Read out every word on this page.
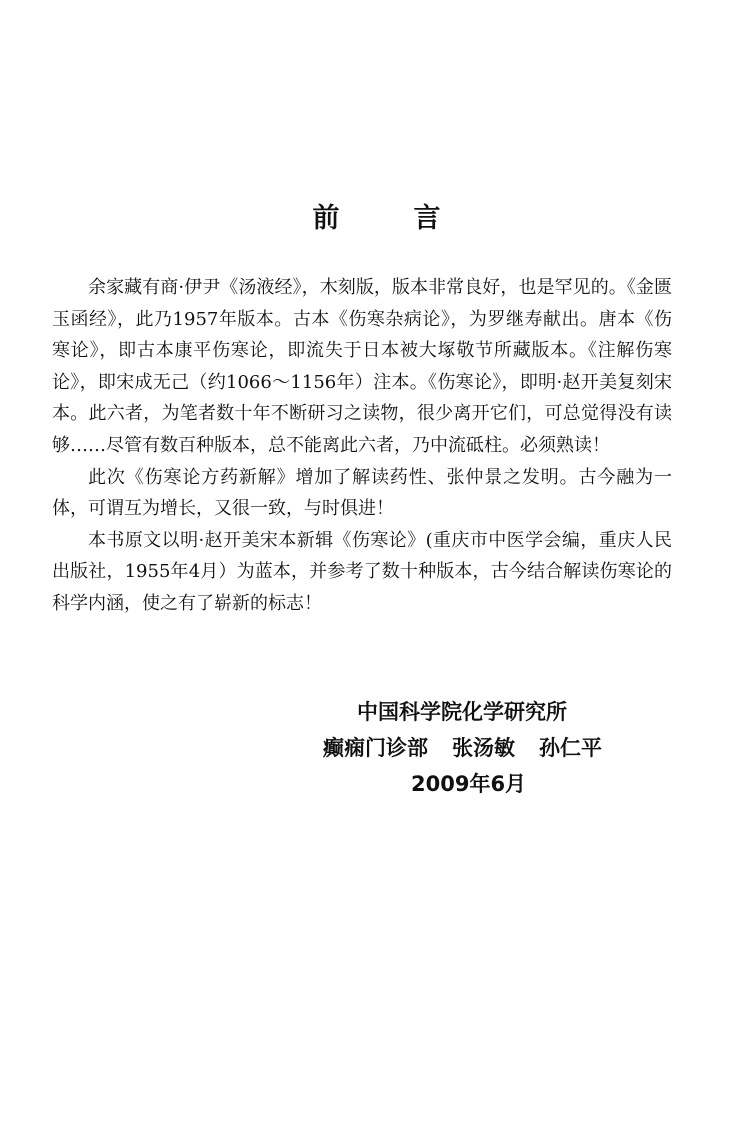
前	言

余家藏有商·伊尹《汤液经》，木刻版，版本非常良好，也是罕见的。《金匮玉函经》，此乃1957年版本。古本《伤寒杂病论》，为罗继寿献出。唐本《伤寒论》，即古本康平伤寒论，即流失于日本被大塚敬节所藏版本。《注解伤寒论》，即宋成无己（约1066～1156年）注本。《伤寒论》，即明·赵开美复刻宋本。此六者，为笔者数十年不断研习之读物，很少离开它们，可总觉得没有读够……尽管有数百种版本，总不能离此六者，乃中流砥柱。必须熟读！

此次《伤寒论方药新解》增加了解读药性、张仲景之发明。古今融为一体，可谓互为增长，又很一致，与时俱进！

本书原文以明·赵开美宋本新辑《伤寒论》(重庆市中医学会编，重庆人民出版社，1955年4月）为蓝本，并参考了数十种版本，古今结合解读伤寒论的科学内涵，使之有了崭新的标志！

中国科学院化学研究所
癫痫门诊部 张汤敏 孙仁平
2009年6月
